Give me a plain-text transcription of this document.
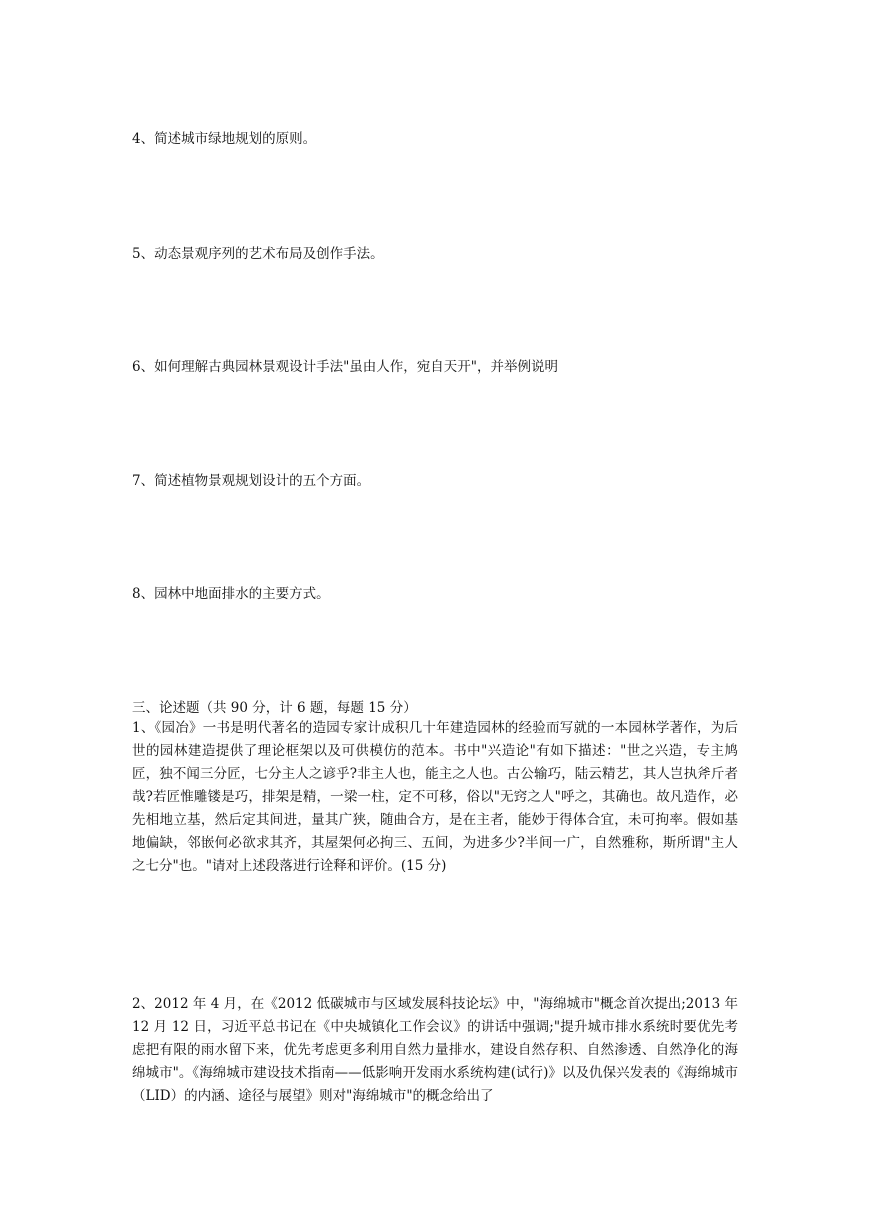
4、简述城市绿地规划的原则。
5、动态景观序列的艺术布局及创作手法。
6、如何理解古典园林景观设计手法"虽由人作，宛自天开"，并举例说明
7、简述植物景观规划设计的五个方面。
8、园林中地面排水的主要方式。
三、论述题（共 90 分，计 6 题，每题 15 分）

1、《园冶》一书是明代著名的造园专家计成积几十年建造园林的经验而写就的一本园林学著作，为后世的园林建造提供了理论框架以及可供模仿的范本。书中"兴造论"有如下描述："世之兴造，专主鸠匠，独不闻三分匠，七分主人之谚乎?非主人也，能主之人也。古公输巧，陆云精艺，其人岂执斧斤者哉?若匠惟雕镂是巧，排架是精，一梁一柱，定不可移，俗以"无窍之人"呼之，其确也。故凡造作，必先相地立基，然后定其间进，量其广狭，随曲合方，是在主者，能妙于得体合宜，未可拘率。假如基地偏缺，邻嵌何必欲求其齐，其屋架何必拘三、五间，为进多少?半间一广，自然雅称，斯所谓"主人之七分"也。"请对上述段落进行诠释和评价。(15 分)

2、2012 年 4 月，在《2012 低碳城市与区域发展科技论坛》中，"海绵城市"概念首次提出;2013 年 12 月 12 日，习近平总书记在《中央城镇化工作会议》的讲话中强调;"提升城市排水系统时要优先考虑把有限的雨水留下来，优先考虑更多利用自然力量排水，建设自然存积、自然渗透、自然净化的海绵城市"。《海绵城市建设技术指南——低影响开发雨水系统构建(试行)》以及仇保兴发表的《海绵城市（LID）的内涵、途径与展望》则对"海绵城市"的概念给出了
